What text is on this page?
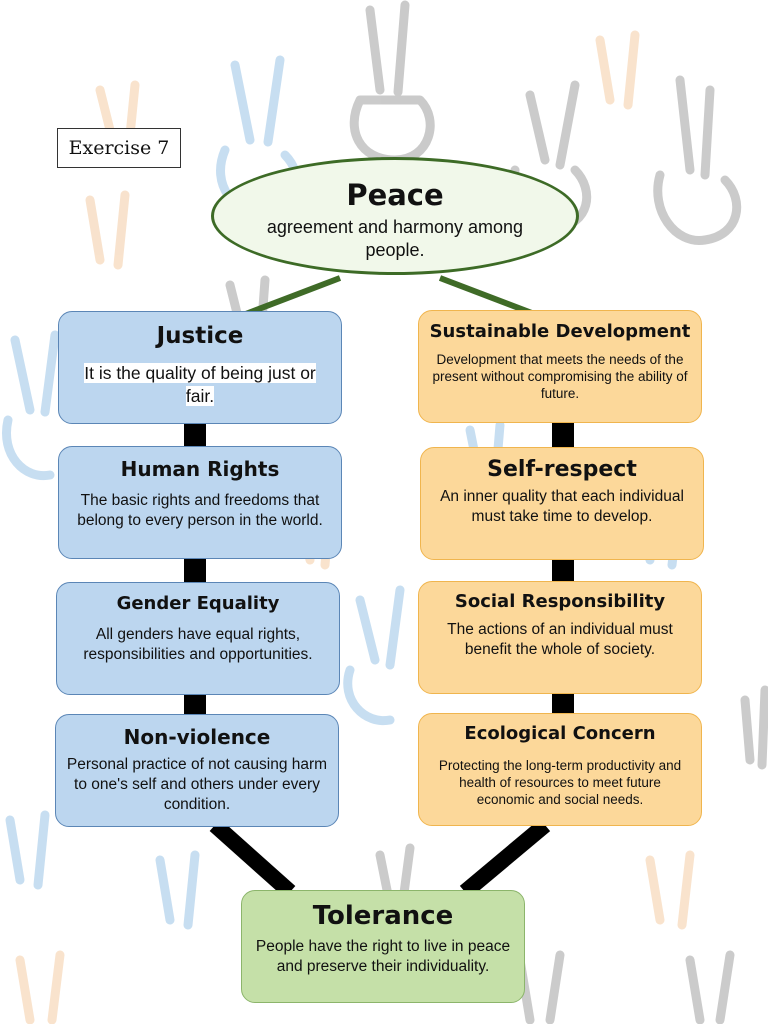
Exercise 7
Peace
agreement and harmony among people.
Justice
It is the quality of being just or fair.
Human Rights
The basic rights and freedoms that belong to every person in the world.
Gender Equality
All genders have equal rights, responsibilities and opportunities.
Non-violence
Personal practice of not causing harm to one's self and others under every condition.
Sustainable Development
Development that meets the needs of the present without compromising the ability of future.
Self-respect
An inner quality that each individual must take time to develop.
Social Responsibility
The actions of an individual must benefit the whole of society.
Ecological Concern
Protecting the long-term productivity and health of resources to meet future economic and social needs.
Tolerance
People have the right to live in peace and preserve their individuality.
